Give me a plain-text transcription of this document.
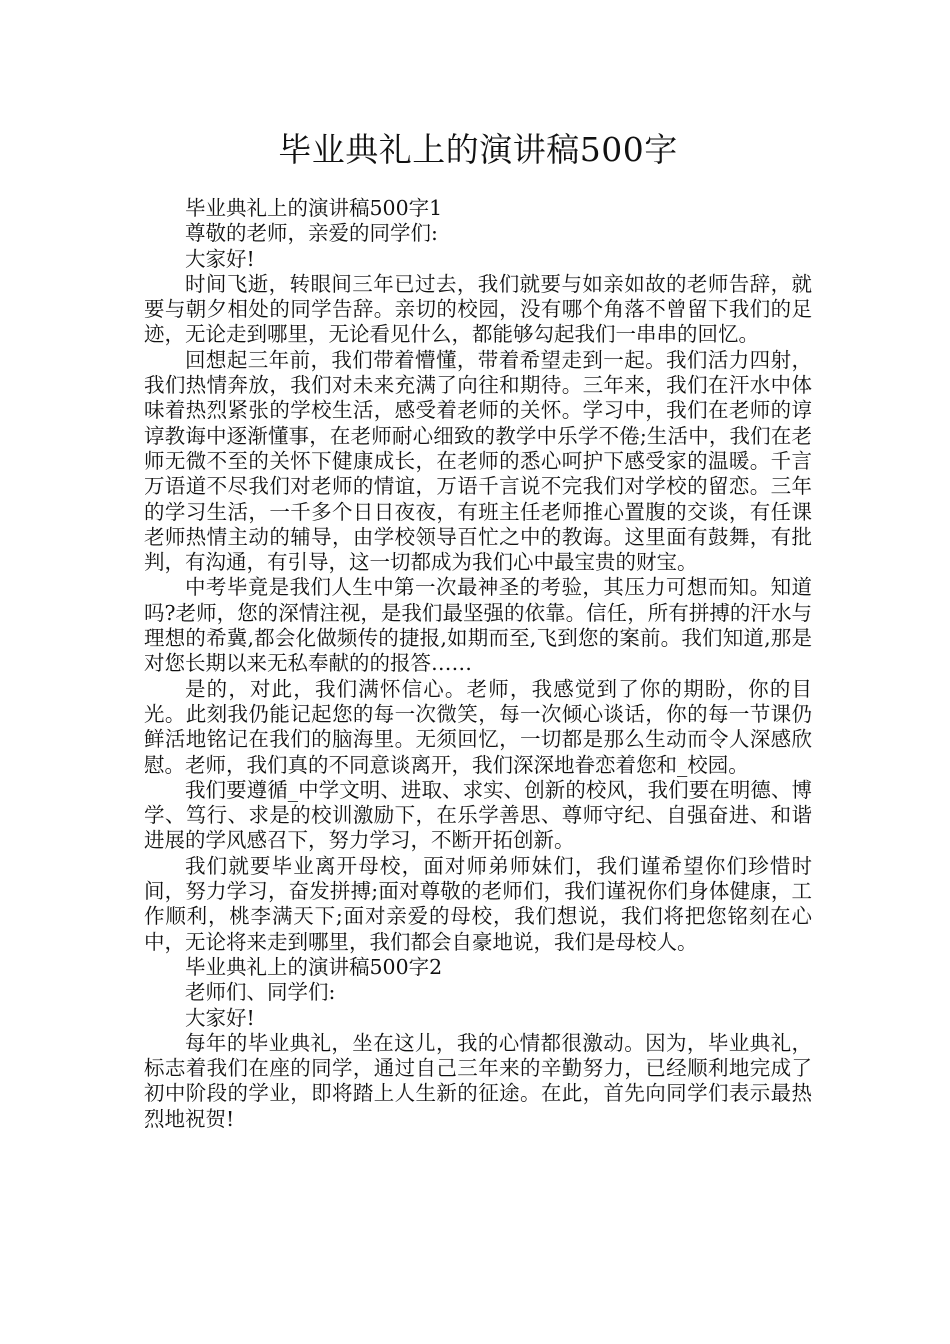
毕业典礼上的演讲稿500字

毕业典礼上的演讲稿500字1

尊敬的老师，亲爱的同学们:

大家好!

时间飞逝，转眼间三年已过去，我们就要与如亲如故的老师告辞，就要与朝夕相处的同学告辞。亲切的校园，没有哪个角落不曾留下我们的足迹，无论走到哪里，无论看见什么，都能够勾起我们一串串的回忆。

回想起三年前，我们带着懵懂，带着希望走到一起。我们活力四射，我们热情奔放，我们对未来充满了向往和期待。三年来，我们在汗水中体味着热烈紧张的学校生活，感受着老师的关怀。学习中，我们在老师的谆谆教诲中逐渐懂事，在老师耐心细致的教学中乐学不倦;生活中，我们在老师无微不至的关怀下健康成长，在老师的悉心呵护下感受家的温暖。千言万语道不尽我们对老师的情谊，万语千言说不完我们对学校的留恋。三年的学习生活，一千多个日日夜夜，有班主任老师推心置腹的交谈，有任课老师热情主动的辅导，由学校领导百忙之中的教诲。这里面有鼓舞，有批判，有沟通，有引导，这一切都成为我们心中最宝贵的财宝。

中考毕竟是我们人生中第一次最神圣的考验，其压力可想而知。知道吗?老师，您的深情注视，是我们最坚强的依靠。信任，所有拼搏的汗水与理想的希冀,都会化做频传的捷报,如期而至,飞到您的案前。我们知道,那是对您长期以来无私奉献的的报答……

是的，对此，我们满怀信心。老师，我感觉到了你的期盼，你的目光。此刻我仍能记起您的每一次微笑，每一次倾心谈话，你的每一节课仍鲜活地铭记在我们的脑海里。无须回忆，一切都是那么生动而令人深感欣慰。老师，我们真的不同意谈离开，我们深深地眷恋着您和_校园。

我们要遵循_中学文明、进取、求实、创新的校风，我们要在明德、博学、笃行、求是的校训激励下，在乐学善思、尊师守纪、自强奋进、和谐进展的学风感召下，努力学习，不断开拓创新。

我们就要毕业离开母校，面对师弟师妹们，我们谨希望你们珍惜时间，努力学习，奋发拼搏;面对尊敬的老师们，我们谨祝你们身体健康，工作顺利，桃李满天下;面对亲爱的母校，我们想说，我们将把您铭刻在心中，无论将来走到哪里，我们都会自豪地说，我们是母校人。

毕业典礼上的演讲稿500字2

老师们、同学们:

大家好!

每年的毕业典礼，坐在这儿，我的心情都很激动。因为，毕业典礼，标志着我们在座的同学，通过自己三年来的辛勤努力，已经顺利地完成了初中阶段的学业，即将踏上人生新的征途。在此，首先向同学们表示最热烈地祝贺!
